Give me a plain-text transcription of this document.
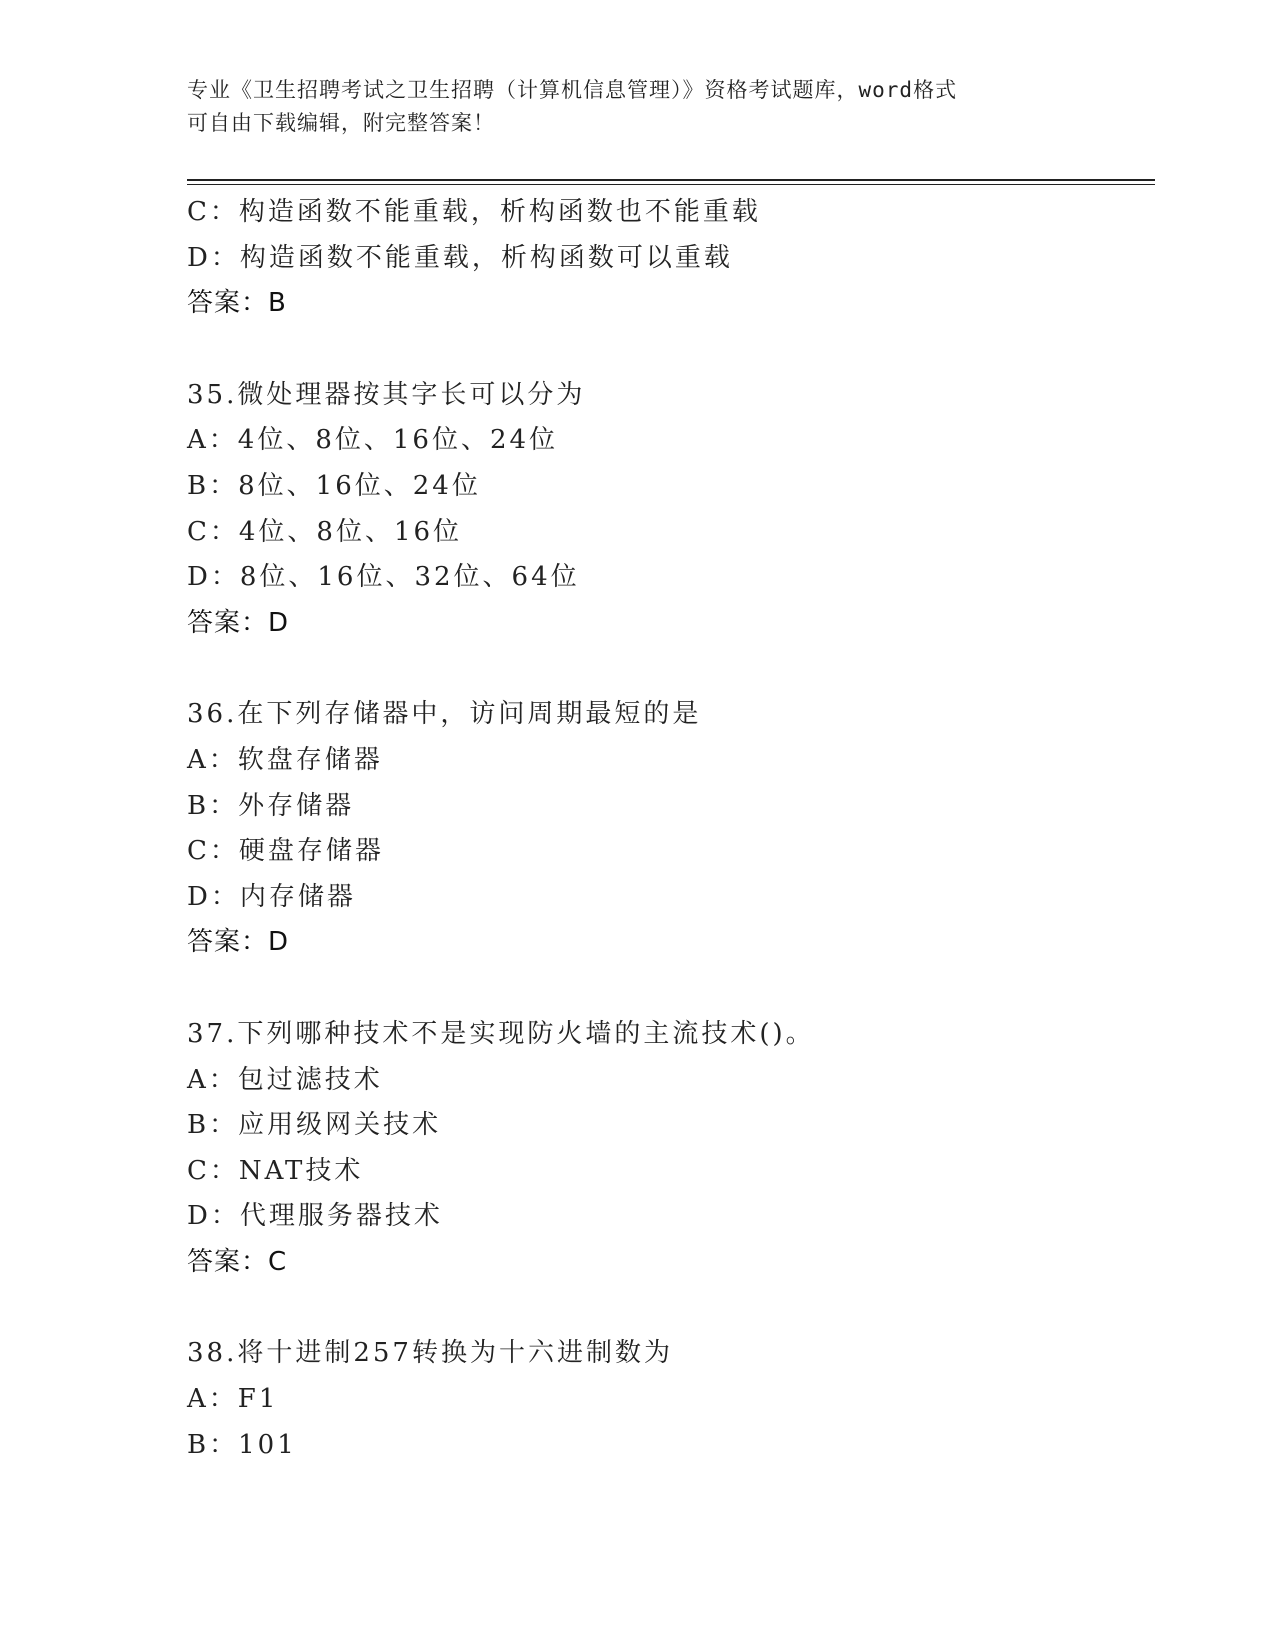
专业《卫生招聘考试之卫生招聘（计算机信息管理）》资格考试题库，word格式
可自由下载编辑，附完整答案！
C：构造函数不能重载，析构函数也不能重载
D：构造函数不能重载，析构函数可以重载
答案：B
35.微处理器按其字长可以分为
A：4位、8位、16位、24位
B：8位、16位、24位
C：4位、8位、16位
D：8位、16位、32位、64位
答案：D
36.在下列存储器中，访问周期最短的是
A：软盘存储器
B：外存储器
C：硬盘存储器
D：内存储器
答案：D
37.下列哪种技术不是实现防火墙的主流技术()。
A：包过滤技术
B：应用级网关技术
C：NAT技术
D：代理服务器技术
答案：C
38.将十进制257转换为十六进制数为
A：F1
B：101
